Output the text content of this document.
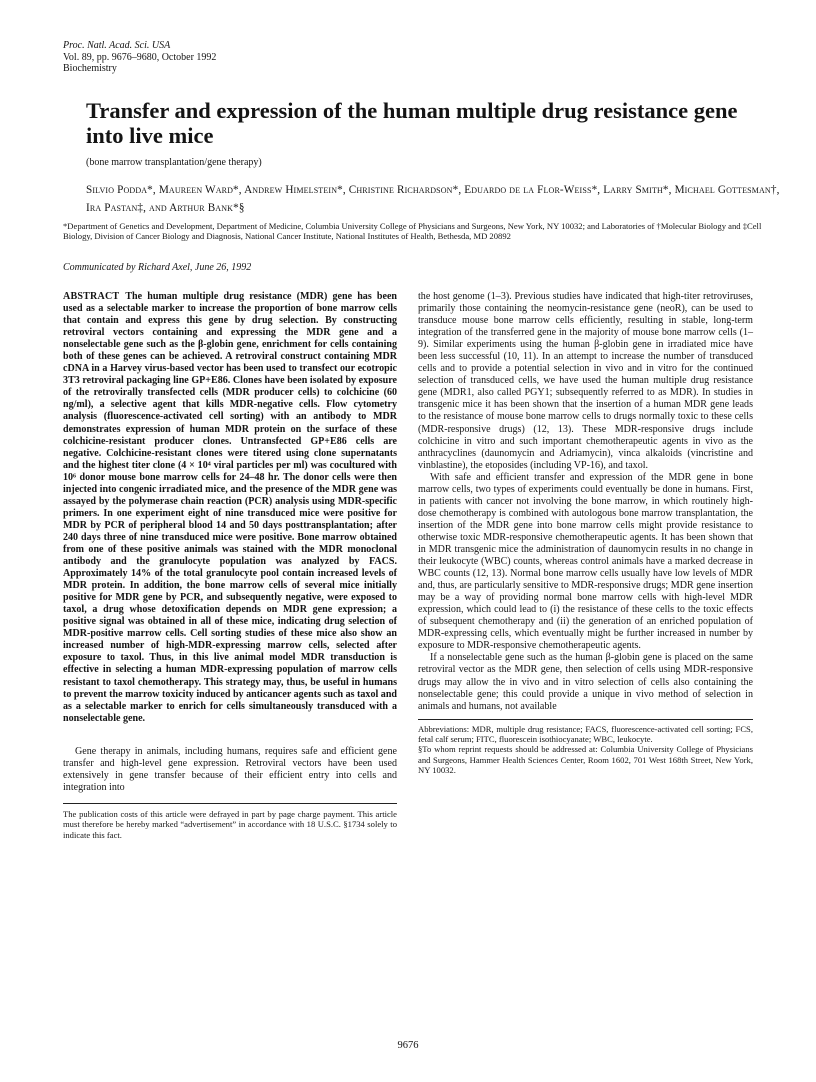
Proc. Natl. Acad. Sci. USA
Vol. 89, pp. 9676–9680, October 1992
Biochemistry
Transfer and expression of the human multiple drug resistance gene into live mice
(bone marrow transplantation/gene therapy)
Silvio Podda*, Maureen Ward*, Andrew Himelstein*, Christine Richardson*, Eduardo de la Flor-Weiss*, Larry Smith*, Michael Gottesman†, Ira Pastan‡, and Arthur Bank*§
*Department of Genetics and Development, Department of Medicine, Columbia University College of Physicians and Surgeons, New York, NY 10032; and Laboratories of †Molecular Biology and ‡Cell Biology, Division of Cancer Biology and Diagnosis, National Cancer Institute, National Institutes of Health, Bethesda, MD 20892
Communicated by Richard Axel, June 26, 1992

ABSTRACT The human multiple drug resistance (MDR) gene has been used as a selectable marker to increase the proportion of bone marrow cells that contain and express this gene by drug selection. By constructing retroviral vectors containing and expressing the MDR gene and a nonselectable gene such as the β-globin gene, enrichment for cells containing both of these genes can be achieved. A retroviral construct containing MDR cDNA in a Harvey virus-based vector has been used to transfect our ecotropic 3T3 retroviral packaging line GP+E86. Clones have been isolated by exposure of the retrovirally transfected cells (MDR producer cells) to colchicine (60 ng/ml), a selective agent that kills MDR-negative cells. Flow cytometry analysis (fluorescence-activated cell sorting) with an antibody to MDR demonstrates expression of human MDR protein on the surface of these colchicine-resistant producer clones. Untransfected GP+E86 cells are negative. Colchicine-resistant clones were titered using clone supernatants and the highest titer clone (4 × 10⁴ viral particles per ml) was cocultured with 10⁶ donor mouse bone marrow cells for 24–48 hr. The donor cells were then injected into congenic irradiated mice, and the presence of the MDR gene was assayed by the polymerase chain reaction (PCR) analysis using MDR-specific primers. In one experiment eight of nine transduced mice were positive for MDR by PCR of peripheral blood 14 and 50 days posttransplantation; after 240 days three of nine transduced mice were positive. Bone marrow obtained from one of these positive animals was stained with the MDR monoclonal antibody and the granulocyte population was analyzed by FACS. Approximately 14% of the total granulocyte pool contain increased levels of MDR protein. In addition, the bone marrow cells of several mice initially positive for MDR gene by PCR, and subsequently negative, were exposed to taxol, a drug whose detoxification depends on MDR gene expression; a positive signal was obtained in all of these mice, indicating drug selection of MDR-positive marrow cells. Cell sorting studies of these mice also show an increased number of high-MDR-expressing marrow cells, selected after exposure to taxol. Thus, in this live animal model MDR transduction is effective in selecting a human MDR-expressing population of marrow cells resistant to taxol chemotherapy. This strategy may, thus, be useful in humans to prevent the marrow toxicity induced by anticancer agents such as taxol and as a selectable marker to enrich for cells simultaneously transduced with a nonselectable gene.

Gene therapy in animals, including humans, requires safe and efficient gene transfer and high-level gene expression. Retroviral vectors have been used extensively in gene transfer because of their efficient entry into cells and integration into

The publication costs of this article were defrayed in part by page charge payment. This article must therefore be hereby marked “advertisement” in accordance with 18 U.S.C. §1734 solely to indicate this fact.

the host genome (1–3). Previous studies have indicated that high-titer retroviruses, primarily those containing the neomycin-resistance gene (neoR), can be used to transduce mouse bone marrow cells efficiently, resulting in stable, long-term integration of the transferred gene in the majority of mouse bone marrow cells (1–9). Similar experiments using the human β-globin gene in irradiated mice have been less successful (10, 11). In an attempt to increase the number of transduced cells and to provide a potential selection in vivo and in vitro for the continued selection of transduced cells, we have used the human multiple drug resistance gene (MDR1, also called PGY1; subsequently referred to as MDR). In studies in transgenic mice it has been shown that the insertion of a human MDR gene leads to the resistance of mouse bone marrow cells to drugs normally toxic to these cells (MDR-responsive drugs) (12, 13). These MDR-responsive drugs include colchicine in vitro and such important chemotherapeutic agents in vivo as the anthracyclines (daunomycin and Adriamycin), vinca alkaloids (vincristine and vinblastine), the etoposides (including VP-16), and taxol.

With safe and efficient transfer and expression of the MDR gene in bone marrow cells, two types of experiments could eventually be done in humans. First, in patients with cancer not involving the bone marrow, in which routinely high-dose chemotherapy is combined with autologous bone marrow transplantation, the insertion of the MDR gene into bone marrow cells might provide resistance to otherwise toxic MDR-responsive chemotherapeutic agents. It has been shown that in MDR transgenic mice the administration of daunomycin results in no change in their leukocyte (WBC) counts, whereas control animals have a marked decrease in WBC counts (12, 13). Normal bone marrow cells usually have low levels of MDR and, thus, are particularly sensitive to MDR-responsive drugs; MDR gene insertion may be a way of providing normal bone marrow cells with high-level MDR expression, which could lead to (i) the resistance of these cells to the toxic effects of subsequent chemotherapy and (ii) the generation of an enriched population of MDR-expressing cells, which eventually might be further increased in number by exposure to MDR-responsive chemotherapeutic agents.

If a nonselectable gene such as the human β-globin gene is placed on the same retroviral vector as the MDR gene, then selection of cells using MDR-responsive drugs may allow the in vivo and in vitro selection of cells also containing the nonselectable gene; this could provide a unique in vivo method of selection in animals and humans, not available

Abbreviations: MDR, multiple drug resistance; FACS, fluorescence-activated cell sorting; FCS, fetal calf serum; FITC, fluorescein isothiocyanate; WBC, leukocyte.

§To whom reprint requests should be addressed at: Columbia University College of Physicians and Surgeons, Hammer Health Sciences Center, Room 1602, 701 West 168th Street, New York, NY 10032.

9676
